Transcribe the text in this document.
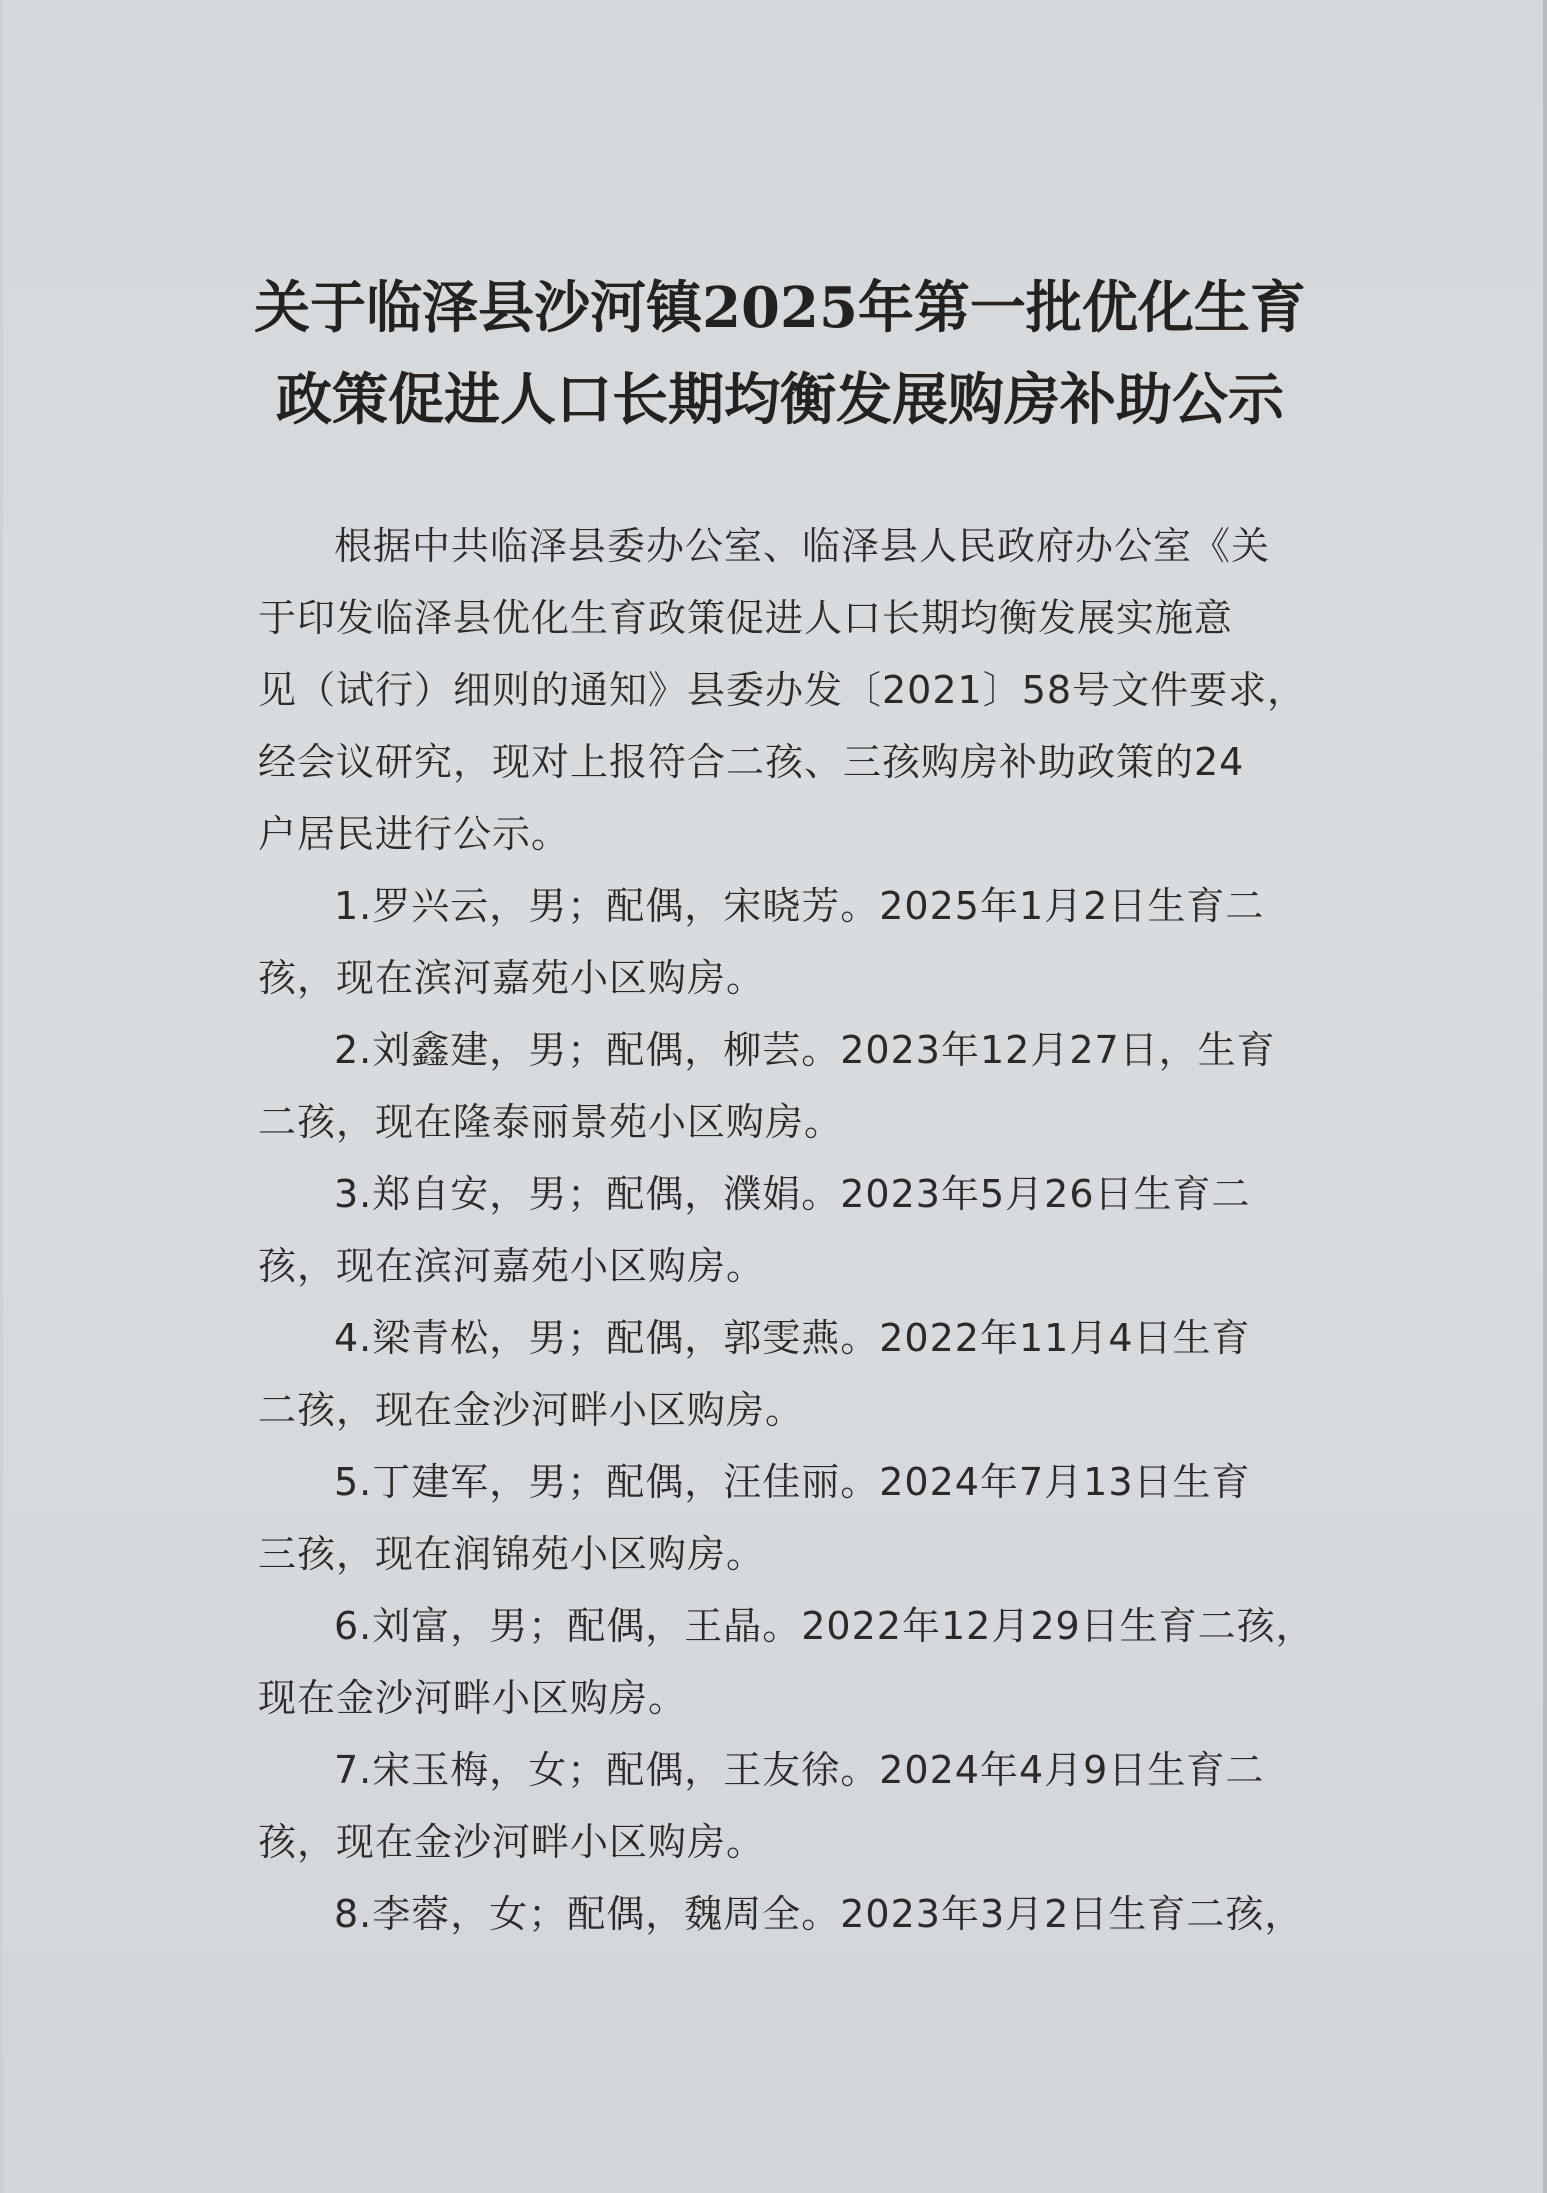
关于临泽县沙河镇2025年第一批优化生育
政策促进人口长期均衡发展购房补助公示
根据中共临泽县委办公室、临泽县人民政府办公室《关
于印发临泽县优化生育政策促进人口长期均衡发展实施意
见（试行）细则的通知》县委办发〔2021〕58号文件要求，
经会议研究，现对上报符合二孩、三孩购房补助政策的24
户居民进行公示。
1.罗兴云，男；配偶，宋晓芳。2025年1月2日生育二
孩，现在滨河嘉苑小区购房。
2.刘鑫建，男；配偶，柳芸。2023年12月27日，生育
二孩，现在隆泰丽景苑小区购房。
3.郑自安，男；配偶，濮娟。2023年5月26日生育二
孩，现在滨河嘉苑小区购房。
4.梁青松，男；配偶，郭雯燕。2022年11月4日生育
二孩，现在金沙河畔小区购房。
5.丁建军，男；配偶，汪佳丽。2024年7月13日生育
三孩，现在润锦苑小区购房。
6.刘富，男；配偶，王晶。2022年12月29日生育二孩，
现在金沙河畔小区购房。
7.宋玉梅，女；配偶，王友徐。2024年4月9日生育二
孩，现在金沙河畔小区购房。
8.李蓉，女；配偶，魏周全。2023年3月2日生育二孩，
